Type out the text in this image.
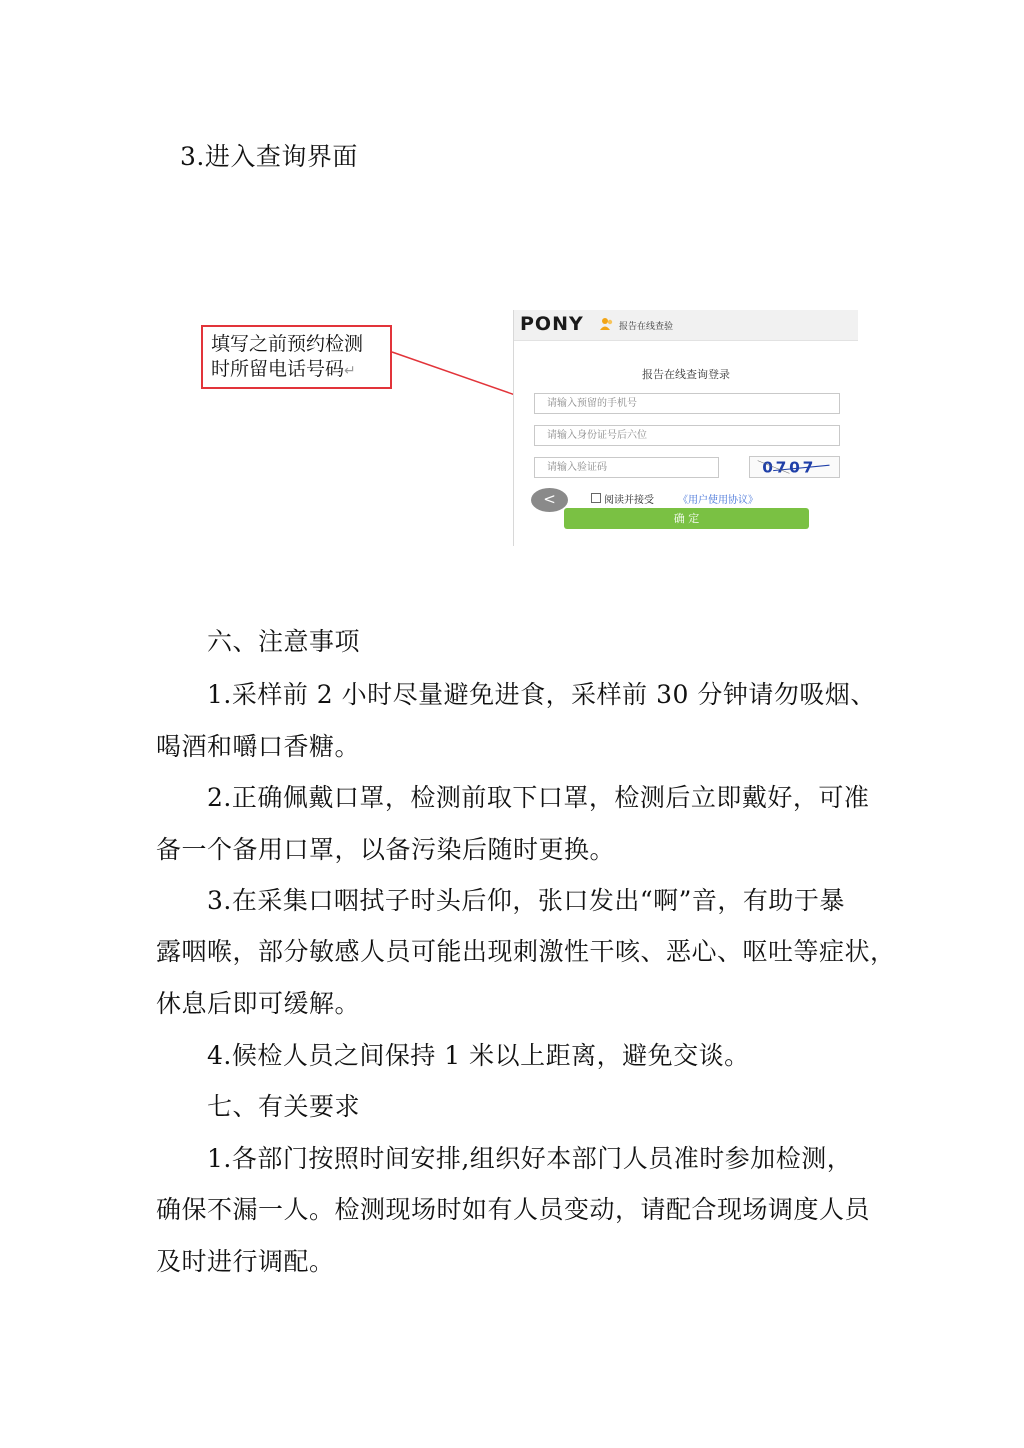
3.进入查询界面
填写之前预约检测
时所留电话号码↵
PONY	报告在线查验
报告在线查询登录
请输入预留的手机号
请输入身份证号后六位
请输入验证码	0707
<	阅读并接受 《用户使用协议》
确 定
六、注意事项
1.采样前 2 小时尽量避免进食，采样前 30 分钟请勿吸烟、
喝酒和嚼口香糖。
2.正确佩戴口罩，检测前取下口罩，检测后立即戴好，可准
备一个备用口罩，以备污染后随时更换。
3.在采集口咽拭子时头后仰，张口发出“啊”音，有助于暴
露咽喉，部分敏感人员可能出现刺激性干咳、恶心、呕吐等症状，
休息后即可缓解。
4.候检人员之间保持 1 米以上距离，避免交谈。
七、有关要求
1.各部门按照时间安排,组织好本部门人员准时参加检测，
确保不漏一人。检测现场时如有人员变动，请配合现场调度人员
及时进行调配。
